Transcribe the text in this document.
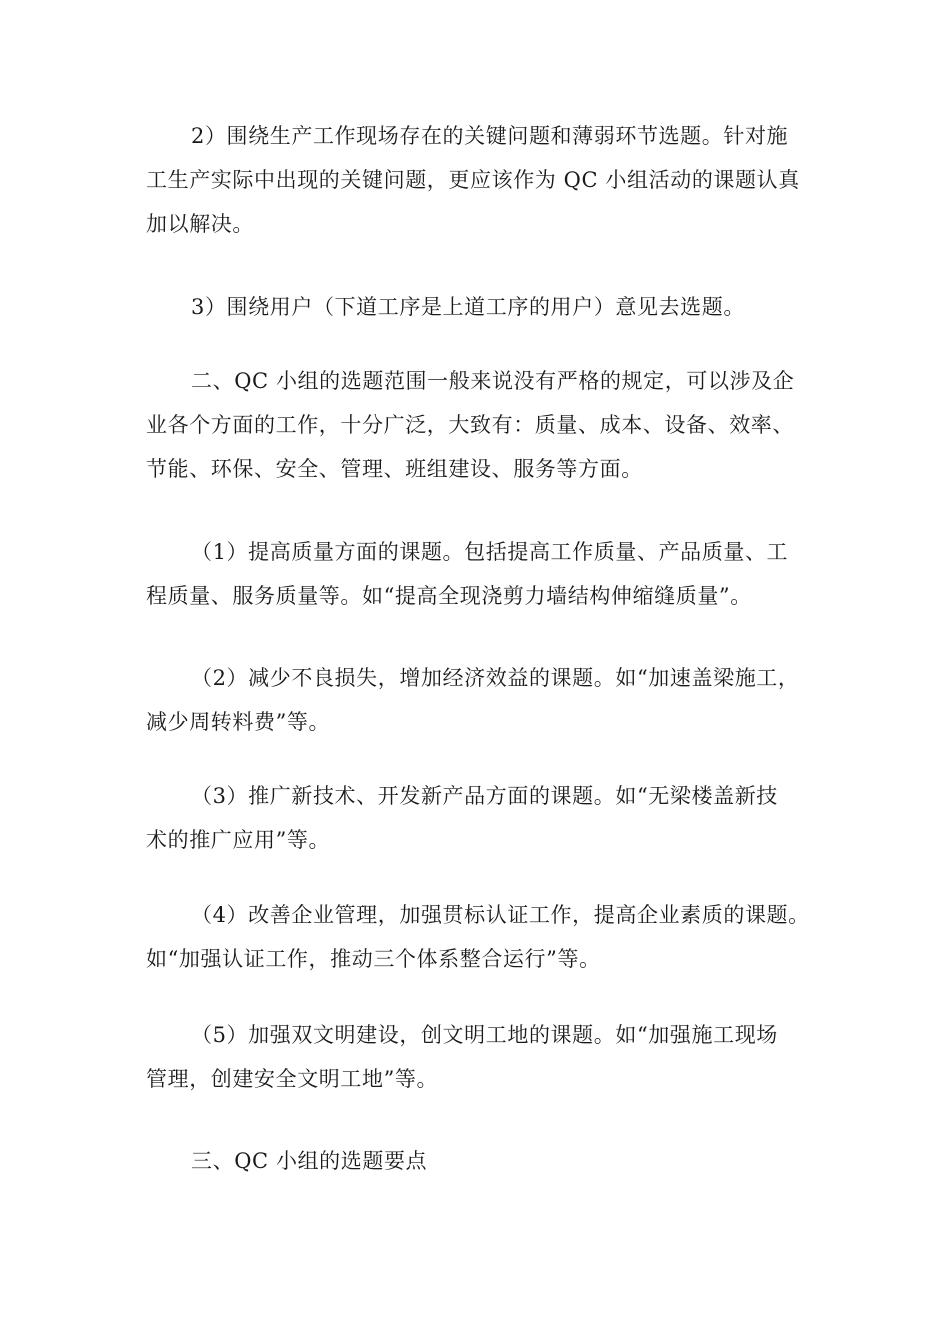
2）围绕生产工作现场存在的关键问题和薄弱环节选题。针对施
工生产实际中出现的关键问题，更应该作为 QC 小组活动的课题认真
加以解决。

3）围绕用户（下道工序是上道工序的用户）意见去选题。

二、QC 小组的选题范围一般来说没有严格的规定，可以涉及企
业各个方面的工作，十分广泛，大致有：质量、成本、设备、效率、
节能、环保、安全、管理、班组建设、服务等方面。

（1）提高质量方面的课题。包括提高工作质量、产品质量、工
程质量、服务质量等。如“提高全现浇剪力墙结构伸缩缝质量”。

（2）减少不良损失，增加经济效益的课题。如“加速盖梁施工，
减少周转料费”等。

（3）推广新技术、开发新产品方面的课题。如“无梁楼盖新技
术的推广应用”等。

（4）改善企业管理，加强贯标认证工作，提高企业素质的课题。
如“加强认证工作，推动三个体系整合运行”等。

（5）加强双文明建设，创文明工地的课题。如“加强施工现场
管理，创建安全文明工地”等。

三、QC 小组的选题要点
